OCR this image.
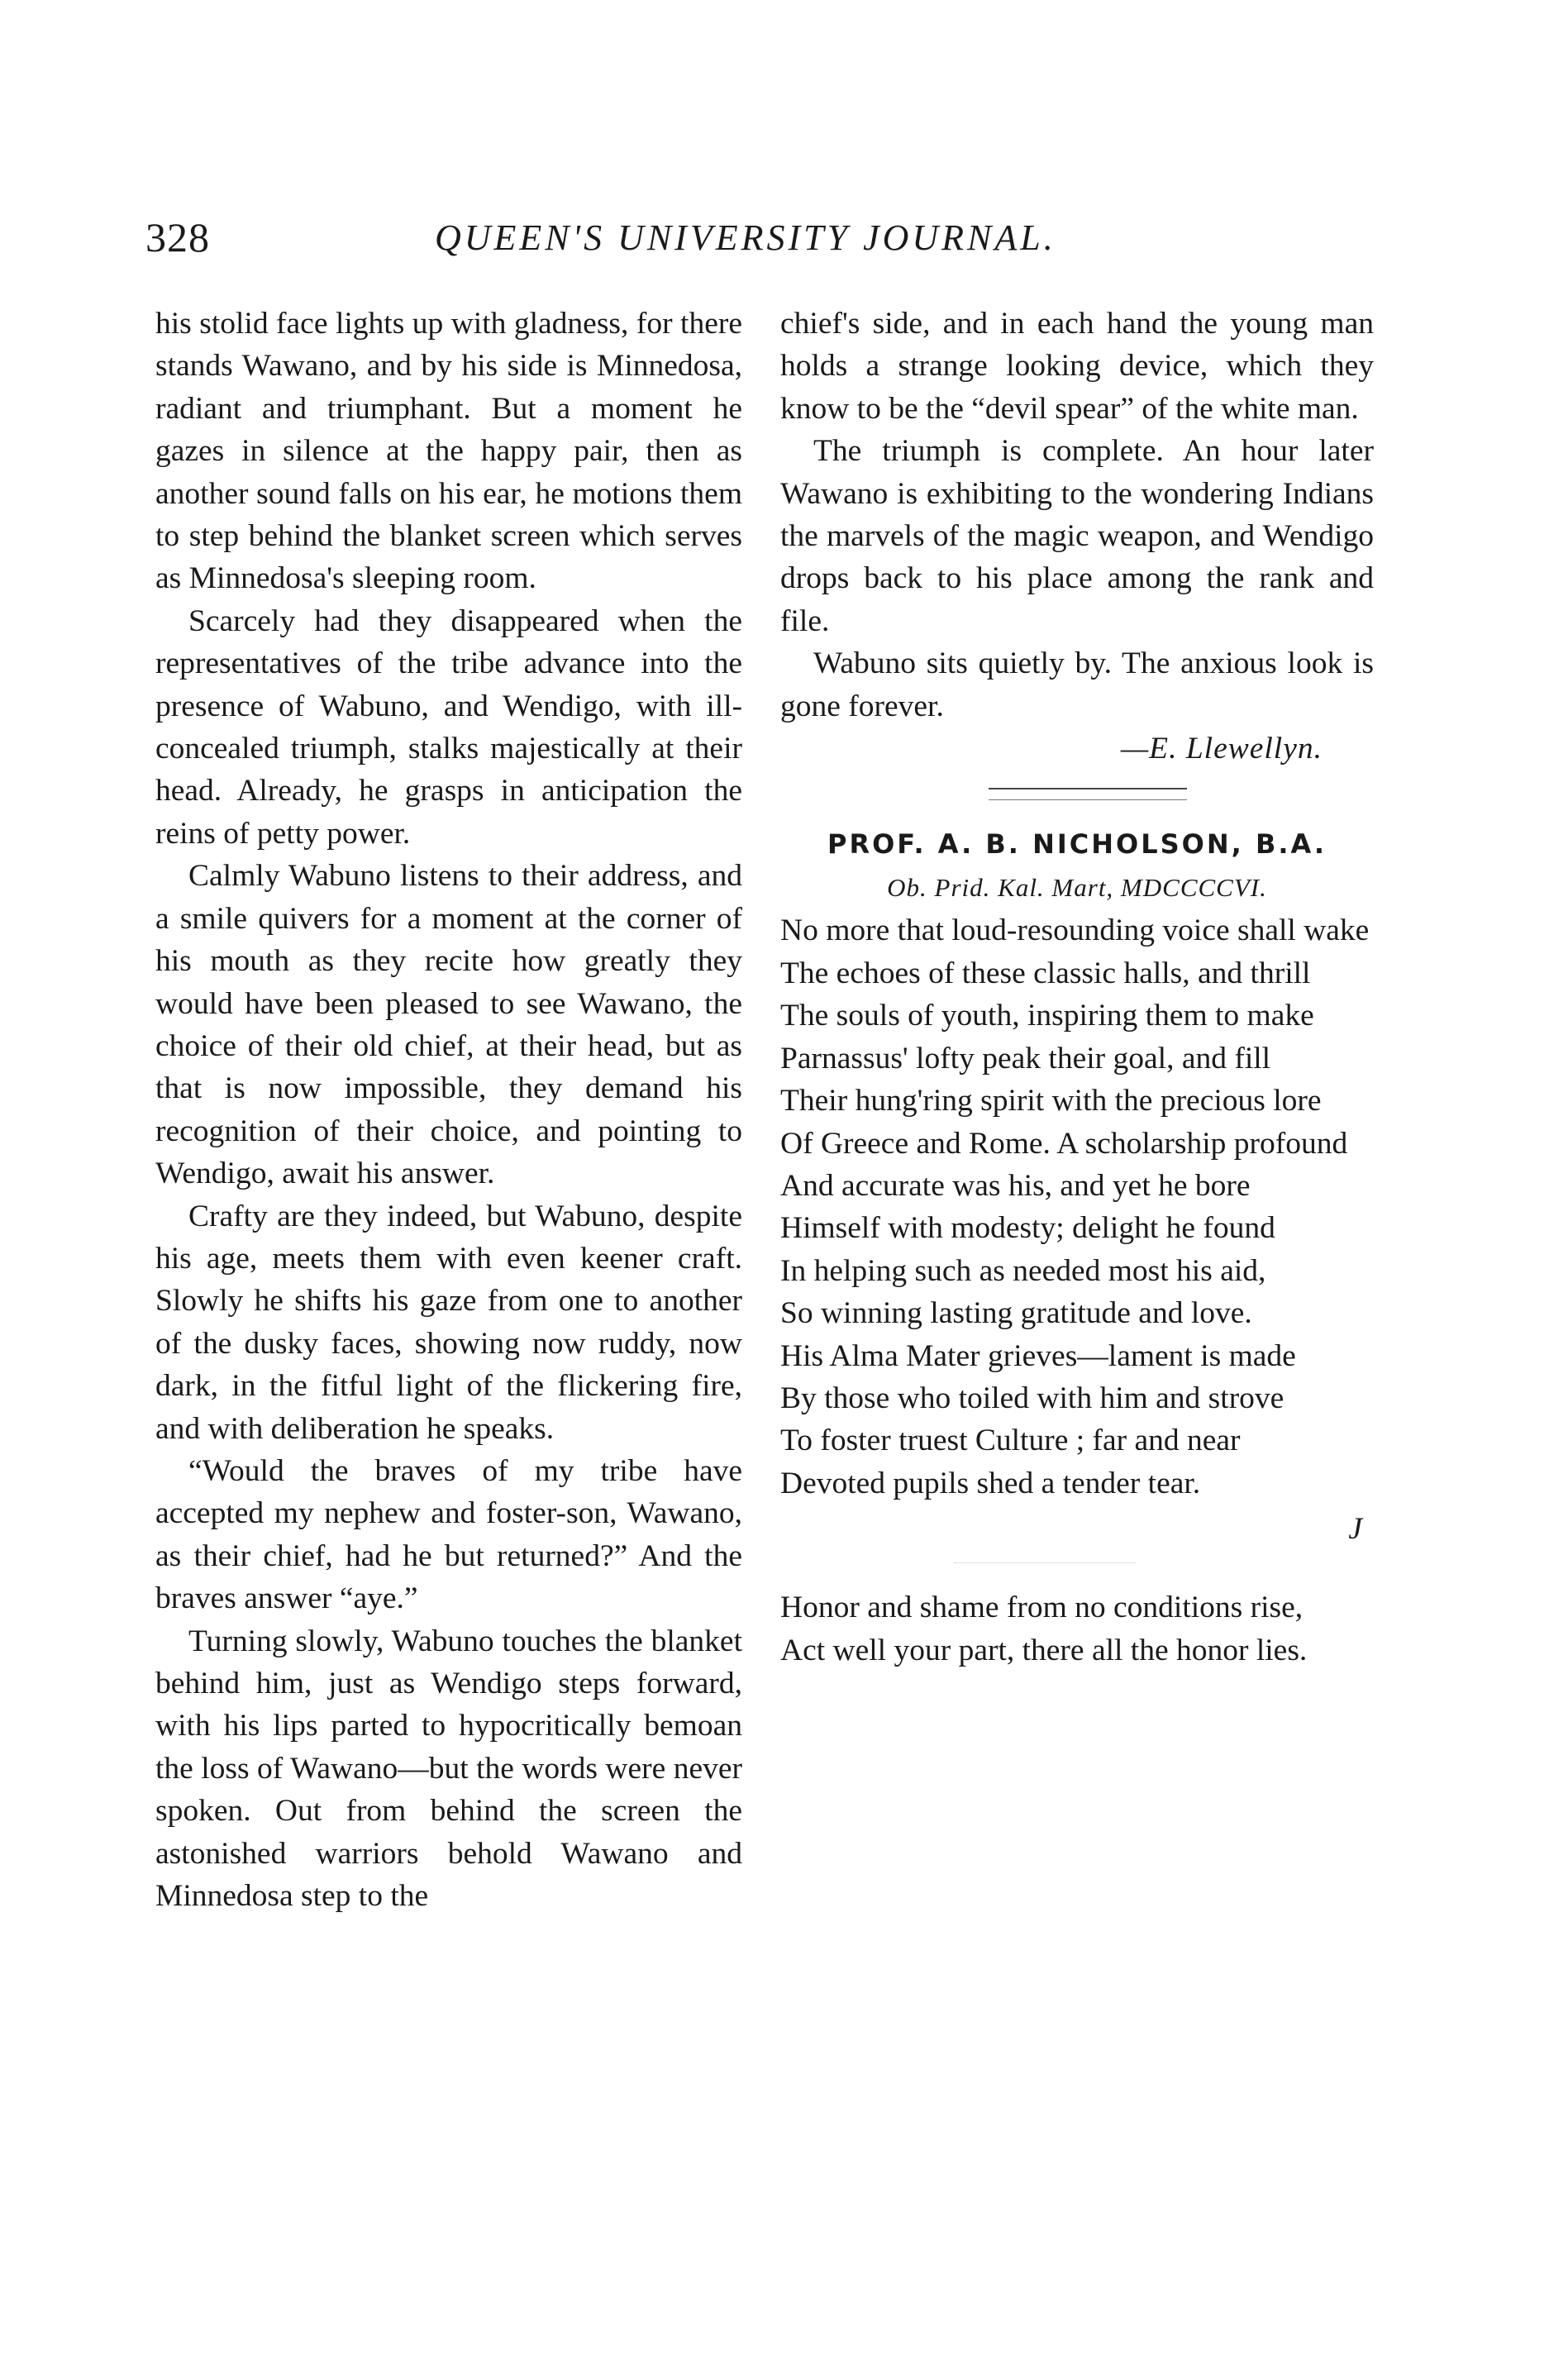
328	QUEEN'S UNIVERSITY JOURNAL.

his stolid face lights up with gladness, for there stands Wawano, and by his side is Minnedosa, radiant and triumphant. But a moment he gazes in silence at the happy pair, then as another sound falls on his ear, he motions them to step behind the blanket screen which serves as Minnedosa's sleeping room.

Scarcely had they disappeared when the representatives of the tribe advance into the presence of Wabuno, and Wendigo, with ill-concealed triumph, stalks majestically at their head. Already, he grasps in anticipation the reins of petty power.

Calmly Wabuno listens to their address, and a smile quivers for a moment at the corner of his mouth as they recite how greatly they would have been pleased to see Wawano, the choice of their old chief, at their head, but as that is now impossible, they demand his recognition of their choice, and pointing to Wendigo, await his answer.

Crafty are they indeed, but Wabuno, despite his age, meets them with even keener craft. Slowly he shifts his gaze from one to another of the dusky faces, showing now ruddy, now dark, in the fitful light of the flickering fire, and with deliberation he speaks.

“Would the braves of my tribe have accepted my nephew and foster-son, Wawano, as their chief, had he but returned?” And the braves answer “aye.”

Turning slowly, Wabuno touches the blanket behind him, just as Wendigo steps forward, with his lips parted to hypocritically bemoan the loss of Wawano—but the words were never spoken. Out from behind the screen the astonished warriors behold Wawano and Minnedosa step to the

chief's side, and in each hand the young man holds a strange looking device, which they know to be the “devil spear” of the white man.

The triumph is complete. An hour later Wawano is exhibiting to the wondering Indians the marvels of the magic weapon, and Wendigo drops back to his place among the rank and file.

Wabuno sits quietly by. The anxious look is gone forever.

—E. Llewellyn.
PROF. A. B. NICHOLSON, B.A.
Ob. Prid. Kal. Mart, MDCCCCVI.
No more that loud-resounding voice shall wake
The echoes of these classic halls, and thrill
The souls of youth, inspiring them to make
Parnassus' lofty peak their goal, and fill
Their hung'ring spirit with the precious lore
Of Greece and Rome. A scholarship profound
And accurate was his, and yet he bore
Himself with modesty; delight he found
In helping such as needed most his aid,
So winning lasting gratitude and love.
His Alma Mater grieves—lament is made
By those who toiled with him and strove
To foster truest Culture ; far and near
Devoted pupils shed a tender tear.
J
Honor and shame from no conditions rise,
Act well your part, there all the honor lies.
